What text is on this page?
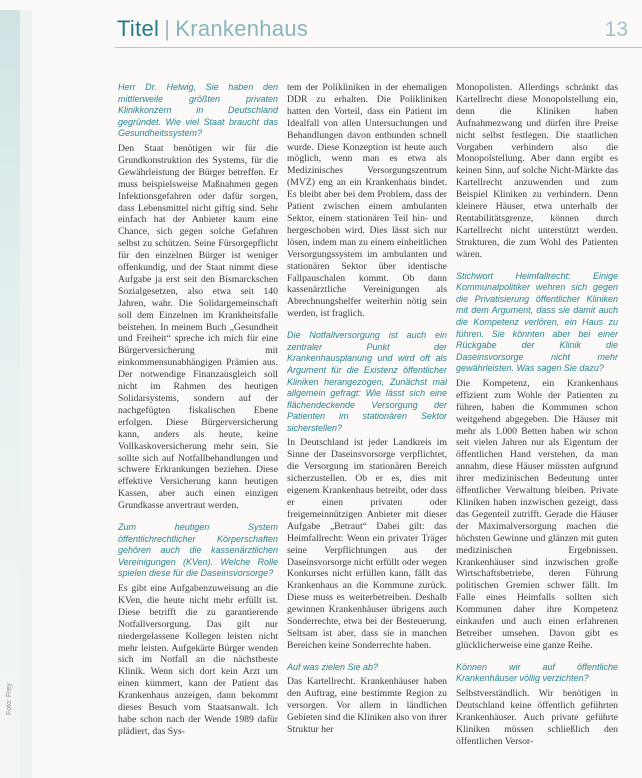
Foto: Frey
Titel | Krankenhaus	13

Herr Dr. Helwig, Sie haben den mittlerweile größten privaten Klinikkonzern in Deutschland gegründet. Wie viel Staat braucht das Gesundheitssystem?

Den Staat benötigen wir für die Grundkonstruktion des Systems, für die Gewährleistung der Bürger betreffen. Er muss beispielsweise Maßnahmen gegen Infektionsgefahren oder dafür sorgen, dass Lebensmittel nicht giftig sind. Sehr einfach hat der Anbieter kaum eine Chance, sich gegen solche Gefahren selbst zu schützen. Seine Fürsorgepflicht für den einzelnen Bürger ist weniger offenkundig, und der Staat nimmt diese Aufgabe ja erst seit den Bismarckschen Sozialgesetzen, also etwa seit 140 Jahren, wahr. Die Solidargemeinschaft soll dem Einzelnen im Krankheitsfalle beistehen. In meinem Buch „Gesundheit und Freiheit“ spreche ich mich für eine Bürgerversicherung mit einkommensunabhängigen Prämien aus. Der notwendige Finanzausgleich soll nicht im Rahmen des heutigen Solidarsystems, sondern auf der nachgefügten fiskalischen Ebene erfolgen. Diese Bürgerversicherung kann, anders als heute, keine Vollkaskoversicherung mehr sein. Sie sollte sich auf Notfallbehandlungen und schwere Erkrankungen beziehen. Diese effektive Versicherung kann heutigen Kassen, aber auch einen einzigen Grundkasse anvertraut werden.

Zum heutigen System öffentlichrechtlicher Körperschaften gehören auch die kassenärztlichen Vereinigungen (KVen). Welche Rolle spielen diese für die Daseinsvorsorge?

Es gibt eine Aufgabenzuweisung an die KVen, die heute nicht mehr erfüllt ist. Diese betrifft die zu garantierende Notfallversorgung. Das gilt nur niedergelassene Kollegen leisten nicht mehr leisten. Aufgekärte Bürger wenden sich im Notfall an die nächstbeste Klinik. Wenn sich dort kein Arzt um einen kümmert, kann der Patient das Krankenhaus anzeigen, dann bekommt dieses Besuch vom Staatsanwalt. Ich habe schon nach der Wende 1989 dafür plädiert, das Sys-

tem der Polikliniken in der ehemaligen DDR zu erhalten. Die Polikliniken hatten den Vorteil, dass ein Patient im Idealfall von allen Untersuchungen und Behandlungen davon entbunden schnell wurde. Diese Konzeption ist heute auch möglich, wenn man es etwa als Medizinisches Versorgungszentrum (MVZ) eng an ein Krankenhaus bindet. Es bleibt aber bei dem Problem, dass der Patient zwischen einem ambulanten Sektor, einem stationären Teil hin- und hergeschoben wird. Dies lässt sich nur lösen, indem man zu einem einheitlichen Versorgungssystem im ambulanten und stationären Sektor über identische Fallpauschalen kommt. Ob dann kassenärztliche Vereinigungen als Abrechnungshelfer weiterhin nötig sein werden, ist fraglich.

Die Notfallversorgung ist auch ein zentraler Punkt der Krankenhausplanung und wird oft als Argument für die Existenz öffentlicher Kliniken herangezogen. Zunächst mal allgemein gefragt: Wie lässt sich eine flächendeckende Versorgung der Patienten im stationären Sektor sicherstellen?

In Deutschland ist jeder Landkreis im Sinne der Daseinsvorsorge verpflichtet, die Versorgung im stationären Bereich sicherzustellen. Ob er es, dies mit eigenem Krankenhaus betreibt, oder dass er einen privaten oder freigemeinnützigen Anbieter mit dieser Aufgabe „Betraut“ Dabei gilt: das Heimfallrecht: Wenn ein privater Träger seine Verpflichtungen aus der Daseinsvorsorge nicht erfüllt oder wegen Konkurses nicht erfüllen kann, fällt das Krankenhaus an die Kommune zurück. Diese muss es weiterbetreiben. Deshalb gewinnen Krankenhäuser übrigens auch Sonderrechte, etwa bei der Besteuerung. Seltsam ist aber, dass sie in manchen Bereichen keine Sonderrechte haben.

Auf was zielen Sie ab?

Das Kartellrecht. Krankenhäuser haben den Auftrag, eine bestimmte Region zu versorgen. Vor allem in ländlichen Gebieten sind die Kliniken also von ihrer Struktur her

Monopolisten. Allerdings schränkt das Kartellrecht diese Monopolstellung ein, denn die Kliniken haben Aufnahmezwang und dürfen ihre Preise nicht selbst festlegen. Die staatlichen Vorgaben verhindern also die Monopolstellung. Aber dann ergibt es keinen Sinn, auf solche Nicht-Märkte das Kartellrecht anzuwenden und zum Beispiel Kliniken zu verhindern. Denn kleinere Häuser, etwa unterhalb der Rentabilitätsgrenze, können durch Kartellrecht nicht unterstützt werden. Strukturen, die zum Wohl des Patienten wären.

Stichwort Heimfallrecht: Einige Kommunalpolitiker wehren sich gegen die Privatisierung öffentlicher Kliniken mit dem Argument, dass sie damit auch die Kompetenz verlören, ein Haus zu führen. Sie könnten aber bei einer Rückgabe der Klinik die Daseinsvorsorge nicht mehr gewährleisten. Was sagen Sie dazu?

Die Kompetenz, ein Krankenhaus effizient zum Wohle der Patienten zu führen, haben die Kommunen schon weitgehend abgegeben. Die Häuser mit mehr als 1.000 Betten haben wir schon seit vielen Jahren nur als Eigentum der öffentlichen Hand verstehen, da man annahm, diese Häuser müssten aufgrund ihrer medizinischen Bedeutung unter öffentlicher Verwaltung bleiben. Private Kliniken haben inzwischen gezeigt, dass das Gegenteil zutrifft. Gerade die Häuser der Maximalversorgung machen die höchsten Gewinne und glänzen mit guten medizinischen Ergebnissen. Krankenhäuser sind inzwischen große Wirtschaftsbetriebe, deren Führung politischen Gremien schwer fällt. Im Falle eines Heimfalls sollten sich Kommunen daher ihre Kompetenz einkaufen und auch einen erfahrenen Betreiber umsehen. Davon gibt es glücklicherweise eine ganze Reihe.

Können wir auf öffentliche Krankenhäuser völlig verzichten?

Selbstverständlich. Wir benötigen in Deutschland keine öffentlich geführten Krankenhäuser. Auch private geführte Kliniken müssen schließlich den öffentlichen Versor-
